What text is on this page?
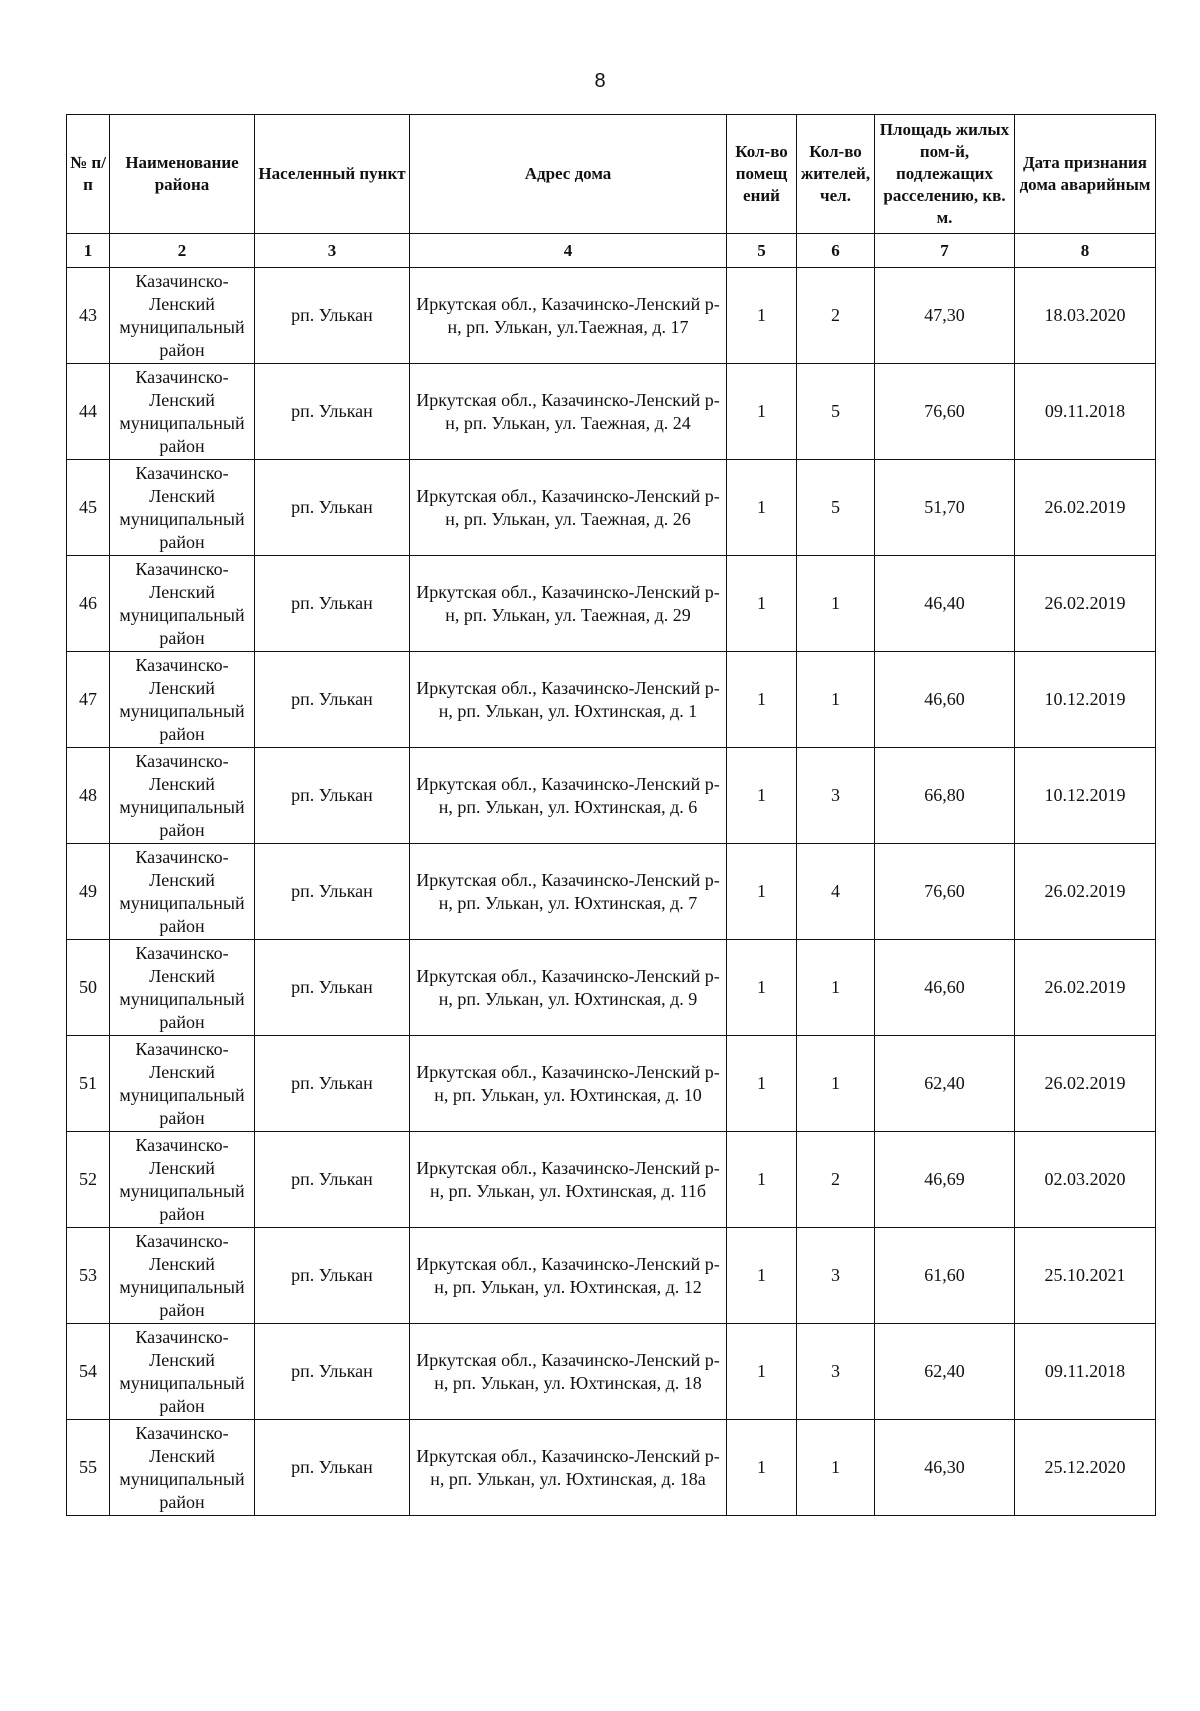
8
№ п/п	Наименование района	Населенный пункт	Адрес дома	Кол-во помещ ений	Кол-во жителей, чел.	Площадь жилых пом-й, подлежащих расселению, кв. м.	Дата признания дома аварийным
1	2	3	4	5	6	7	8
43	Казачинско-Ленский муниципальный район	рп. Улькан	Иркутская обл., Казачинско-Ленский р-н, рп. Улькан, ул.Таежная, д. 17	1	2	47,30	18.03.2020
44	Казачинско-Ленский муниципальный район	рп. Улькан	Иркутская обл., Казачинско-Ленский р-н, рп. Улькан, ул. Таежная, д. 24	1	5	76,60	09.11.2018
45	Казачинско-Ленский муниципальный район	рп. Улькан	Иркутская обл., Казачинско-Ленский р-н, рп. Улькан, ул. Таежная, д. 26	1	5	51,70	26.02.2019
46	Казачинско-Ленский муниципальный район	рп. Улькан	Иркутская обл., Казачинско-Ленский р-н, рп. Улькан, ул. Таежная, д. 29	1	1	46,40	26.02.2019
47	Казачинско-Ленский муниципальный район	рп. Улькан	Иркутская обл., Казачинско-Ленский р-н, рп. Улькан, ул. Юхтинская, д. 1	1	1	46,60	10.12.2019
48	Казачинско-Ленский муниципальный район	рп. Улькан	Иркутская обл., Казачинско-Ленский р-н, рп. Улькан, ул. Юхтинская, д. 6	1	3	66,80	10.12.2019
49	Казачинско-Ленский муниципальный район	рп. Улькан	Иркутская обл., Казачинско-Ленский р-н, рп. Улькан, ул. Юхтинская, д. 7	1	4	76,60	26.02.2019
50	Казачинско-Ленский муниципальный район	рп. Улькан	Иркутская обл., Казачинско-Ленский р-н, рп. Улькан, ул. Юхтинская, д. 9	1	1	46,60	26.02.2019
51	Казачинско-Ленский муниципальный район	рп. Улькан	Иркутская обл., Казачинско-Ленский р-н, рп. Улькан, ул. Юхтинская, д. 10	1	1	62,40	26.02.2019
52	Казачинско-Ленский муниципальный район	рп. Улькан	Иркутская обл., Казачинско-Ленский р-н, рп. Улькан, ул. Юхтинская, д. 11б	1	2	46,69	02.03.2020
53	Казачинско-Ленский муниципальный район	рп. Улькан	Иркутская обл., Казачинско-Ленский р-н, рп. Улькан, ул. Юхтинская, д. 12	1	3	61,60	25.10.2021
54	Казачинско-Ленский муниципальный район	рп. Улькан	Иркутская обл., Казачинско-Ленский р-н, рп. Улькан, ул. Юхтинская, д. 18	1	3	62,40	09.11.2018
55	Казачинско-Ленский муниципальный район	рп. Улькан	Иркутская обл., Казачинско-Ленский р-н, рп. Улькан, ул. Юхтинская, д. 18а	1	1	46,30	25.12.2020
